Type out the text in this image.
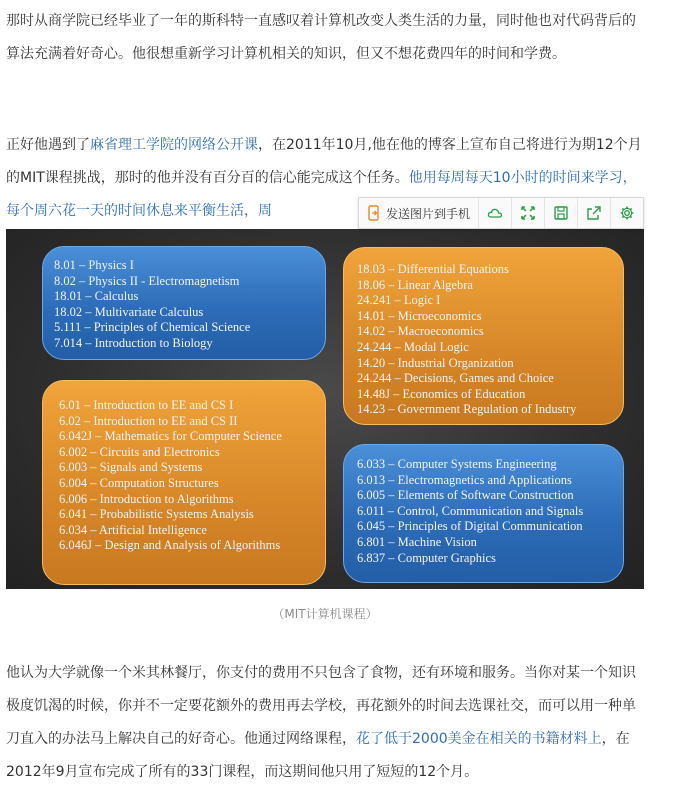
那时从商学院已经毕业了一年的斯科特一直感叹着计算机改变人类生活的力量，同时他也对代码背后的算法充满着好奇心。他很想重新学习计算机相关的知识，但又不想花费四年的时间和学费。
正好他遇到了麻省理工学院的网络公开课，在2011年10月,他在他的博客上宣布自己将进行为期12个月的MIT课程挑战，那时的他并没有百分百的信心能完成这个任务。他用每周每天10小时的时间来学习，每个周六花一天的时间休息来平衡生活，周	发送图片到手机
8.01 – Physics I
8.02 – Physics II - Electromagnetism
18.01 – Calculus
18.02 – Multivariate Calculus
5.111 – Principles of Chemical Science
7.014 – Introduction to Biology
18.03 – Differential Equations
18.06 – Linear Algebra
24.241 – Logic I
14.01 – Microeconomics
14.02 – Macroeconomics
24.244 – Modal Logic
14.20 – Industrial Organization
24.244 – Decisions, Games and Choice
14.48J – Economics of Education
14.23 – Government Regulation of Industry
6.01 – Introduction to EE and CS I
6.02 – Introduction to EE and CS II
6.042J – Mathematics for Computer Science
6.002 – Circuits and Electronics
6.003 – Signals and Systems
6.004 – Computation Structures
6.006 – Introduction to Algorithms
6.041 – Probabilistic Systems Analysis
6.034 – Artificial Intelligence
6.046J – Design and Analysis of Algorithms
6.033 – Computer Systems Engineering
6.013 – Electromagnetics and Applications
6.005 – Elements of Software Construction
6.011 – Control, Communication and Signals
6.045 – Principles of Digital Communication
6.801 – Machine Vision
6.837 – Computer Graphics
（MIT计算机课程）
他认为大学就像一个米其林餐厅，你支付的费用不只包含了食物，还有环境和服务。当你对某一个知识极度饥渴的时候，你并不一定要花额外的费用再去学校，再花额外的时间去选课社交，而可以用一种单刀直入的办法马上解决自己的好奇心。他通过网络课程，花了低于2000美金在相关的书籍材料上，在2012年9月宣布完成了所有的33门课程，而这期间他只用了短短的12个月。
